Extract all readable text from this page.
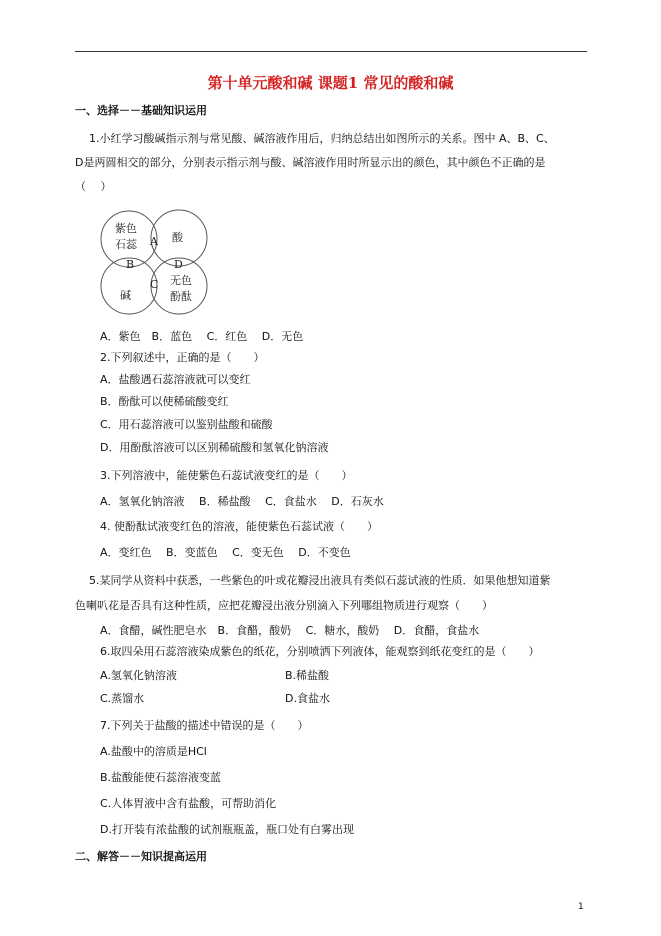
第十单元酸和碱 课题1 常见的酸和碱
一、选择－－基础知识运用
1.小红学习酸碱指示剂与常见酸、碱溶液作用后，归纳总结出如图所示的关系。图中 A、B、C、
D是两圆相交的部分，分别表示指示剂与酸、碱溶液作用时所显示出的颜色，其中颜色不正确的是
（　 ）
紫色
石蕊
酸
碱
无色
酚酞
A
B
C
D
A．紫色　B．蓝色　 C．红色　 D．无色
2.下列叙述中，正确的是（　　）
A．盐酸遇石蕊溶液就可以变红
B．酚酞可以使稀硫酸变红
C．用石蕊溶液可以鉴别盐酸和硫酸
D．用酚酞溶液可以区别稀硫酸和氢氧化钠溶液
3.下列溶液中，能使紫色石蕊试液变红的是（　　）
A．氢氧化钠溶液　 B．稀盐酸　 C．食盐水　 D．石灰水
4. 使酚酞试液变红色的溶液，能使紫色石蕊试液（　　）
A．变红色　 B．变蓝色　 C．变无色　 D．不变色
5.某同学从资料中获悉，一些紫色的叶或花瓣浸出液具有类似石蕊试液的性质．如果他想知道紫
色喇叭花是否具有这种性质，应把花瓣浸出液分别滴入下列哪组物质进行观察（　　）
A．食醋，碱性肥皂水　B．食醋，酸奶　 C．糖水，酸奶　 D．食醋，食盐水
6.取四朵用石蕊溶液染成紫色的纸花，分别喷洒下列液体，能观察到纸花变红的是（　　）
A.氢氧化钠溶液	B.稀盐酸
C.蒸馏水	D.食盐水
7.下列关于盐酸的描述中错误的是（　　）
A.盐酸中的溶质是HCl
B.盐酸能使石蕊溶液变蓝
C.人体胃液中含有盐酸，可帮助消化
D.打开装有浓盐酸的试剂瓶瓶盖，瓶口处有白雾出现
二、解答－－知识提高运用
1
